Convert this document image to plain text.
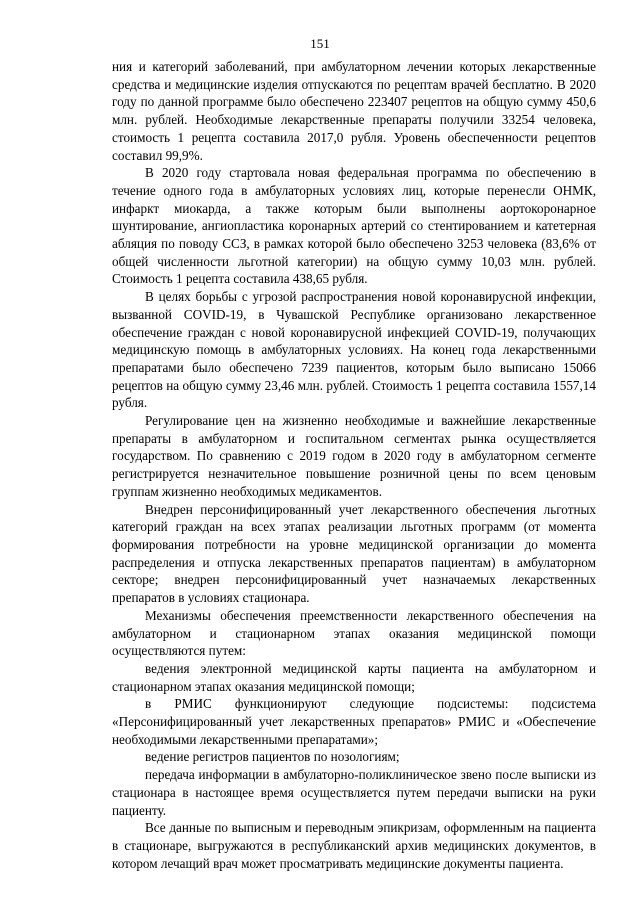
151

ния и категорий заболеваний, при амбулаторном лечении которых лекарственные средства и медицинские изделия отпускаются по рецептам врачей бесплатно. В 2020 году по данной программе было обеспечено 223407 рецептов на общую сумму 450,6 млн. рублей. Необходимые лекарственные препараты получили 33254 человека, стоимость 1 рецепта составила 2017,0 рубля. Уровень обеспеченности рецептов составил 99,9%.

В 2020 году стартовала новая федеральная программа по обеспечению в течение одного года в амбулаторных условиях лиц, которые перенесли ОНМК, инфаркт миокарда, а также которым были выполнены аортокоронарное шунтирование, ангиопластика коронарных артерий со стентированием и катетерная абляция по поводу ССЗ, в рамках которой было обеспечено 3253 человека (83,6% от общей численности льготной категории) на общую сумму 10,03 млн. рублей. Стоимость 1 рецепта составила 438,65 рубля.

В целях борьбы с угрозой распространения новой коронавирусной инфекции, вызванной COVID-19, в Чувашской Республике организовано лекарственное обеспечение граждан с новой коронавирусной инфекцией COVID-19, получающих медицинскую помощь в амбулаторных условиях. На конец года лекарственными препаратами было обеспечено 7239 пациентов, которым было выписано 15066 рецептов на общую сумму 23,46 млн. рублей. Стоимость 1 рецепта составила 1557,14 рубля.

Регулирование цен на жизненно необходимые и важнейшие лекарственные препараты в амбулаторном и госпитальном сегментах рынка осуществляется государством. По сравнению с 2019 годом в 2020 году в амбулаторном сегменте регистрируется незначительное повышение розничной цены по всем ценовым группам жизненно необходимых медикаментов.

Внедрен персонифицированный учет лекарственного обеспечения льготных категорий граждан на всех этапах реализации льготных программ (от момента формирования потребности на уровне медицинской организации до момента распределения и отпуска лекарственных препаратов пациентам) в амбулаторном секторе; внедрен персонифицированный учет назначаемых лекарственных препаратов в условиях стационара.

Механизмы обеспечения преемственности лекарственного обеспечения на амбулаторном и стационарном этапах оказания медицинской помощи осуществляются путем:

ведения электронной медицинской карты пациента на амбулаторном и стационарном этапах оказания медицинской помощи;

в РМИС функционируют следующие подсистемы: подсистема «Персонифицированный учет лекарственных препаратов» РМИС и «Обеспечение необходимыми лекарственными препаратами»;

ведение регистров пациентов по нозологиям;

передача информации в амбулаторно-поликлиническое звено после выписки из стационара в настоящее время осуществляется путем передачи выписки на руки пациенту.

Все данные по выписным и переводным эпикризам, оформленным на пациента в стационаре, выгружаются в республиканский архив медицинских документов, в котором лечащий врач может просматривать медицинские документы пациента.
